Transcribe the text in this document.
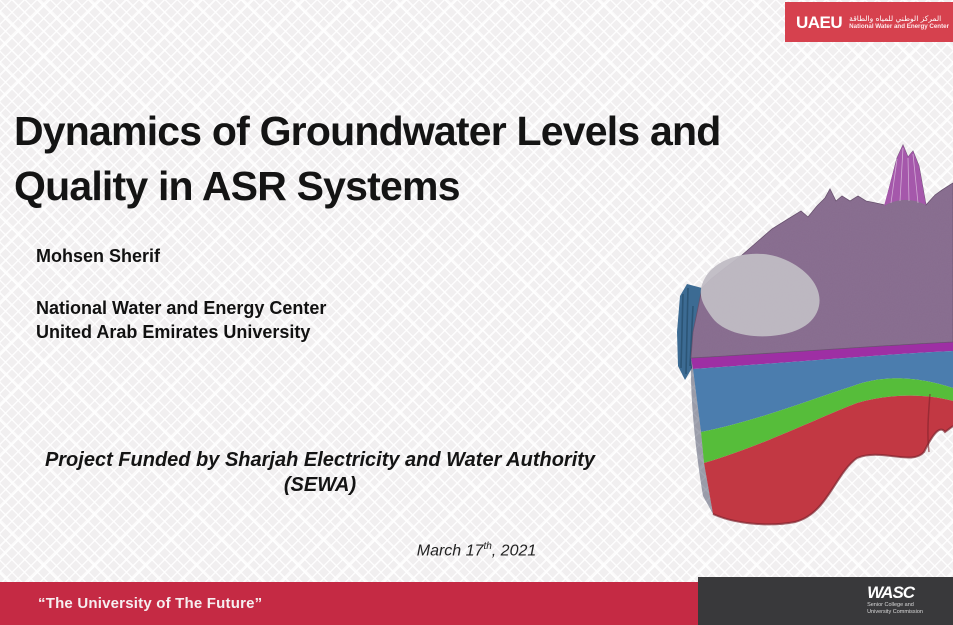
UAEU المركز الوطني للمياه والطاقة
National Water and Energy Center
Dynamics of Groundwater Levels and
Quality in ASR Systems
Mohsen Sherif
National Water and Energy Center
United Arab Emirates University
Project Funded by Sharjah Electricity and Water Authority
(SEWA)
March 17th, 2021
“The University of The Future”
WASC
Senior College and
University Commission
